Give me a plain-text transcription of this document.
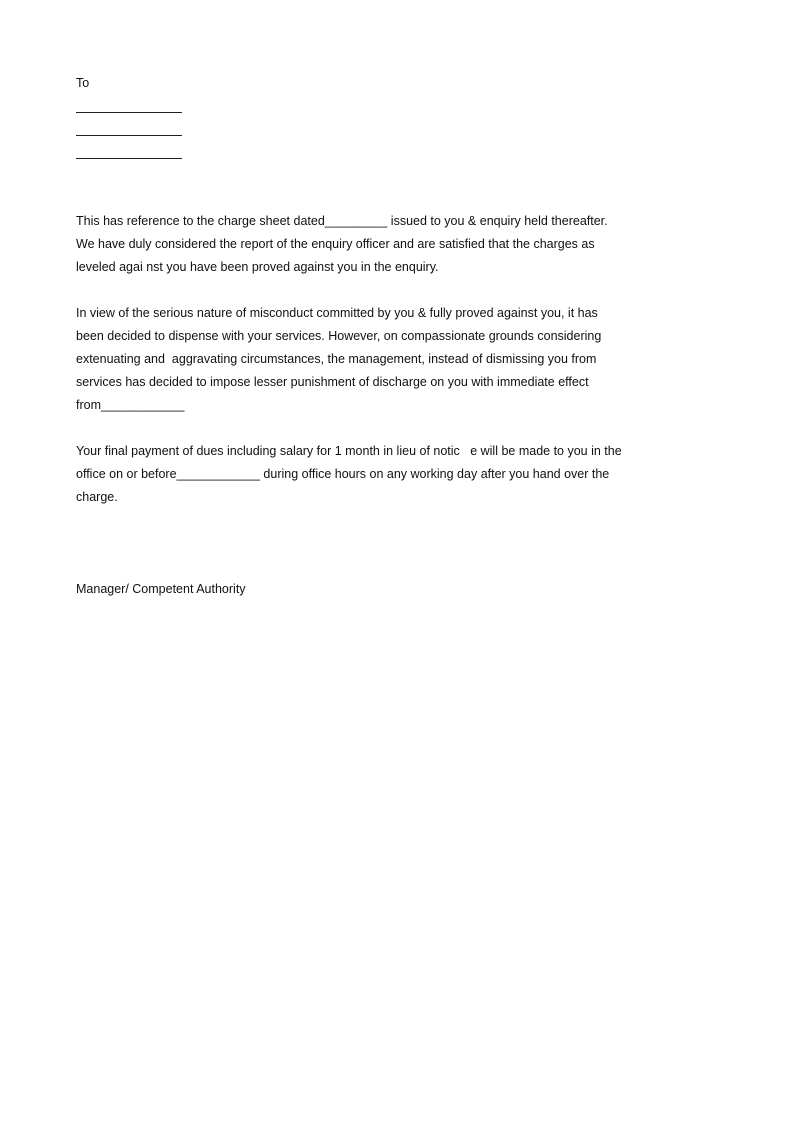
To
This has reference to the charge sheet dated_________ issued to you & enquiry held thereafter.
We have duly considered the report of the enquiry officer and are satisfied that the charges as
leveled agai nst you have been proved against you in the enquiry.
In view of the serious nature of misconduct committed by you & fully proved against you, it has
been decided to dispense with your services. However, on compassionate grounds considering
extenuating and  aggravating circumstances, the management, instead of dismissing you from
services has decided to impose lesser punishment of discharge on you with immediate effect
from____________
Your final payment of dues including salary for 1 month in lieu of notic   e will be made to you in the
office on or before____________ during office hours on any working day after you hand over the
charge.
Manager/ Competent Authority
